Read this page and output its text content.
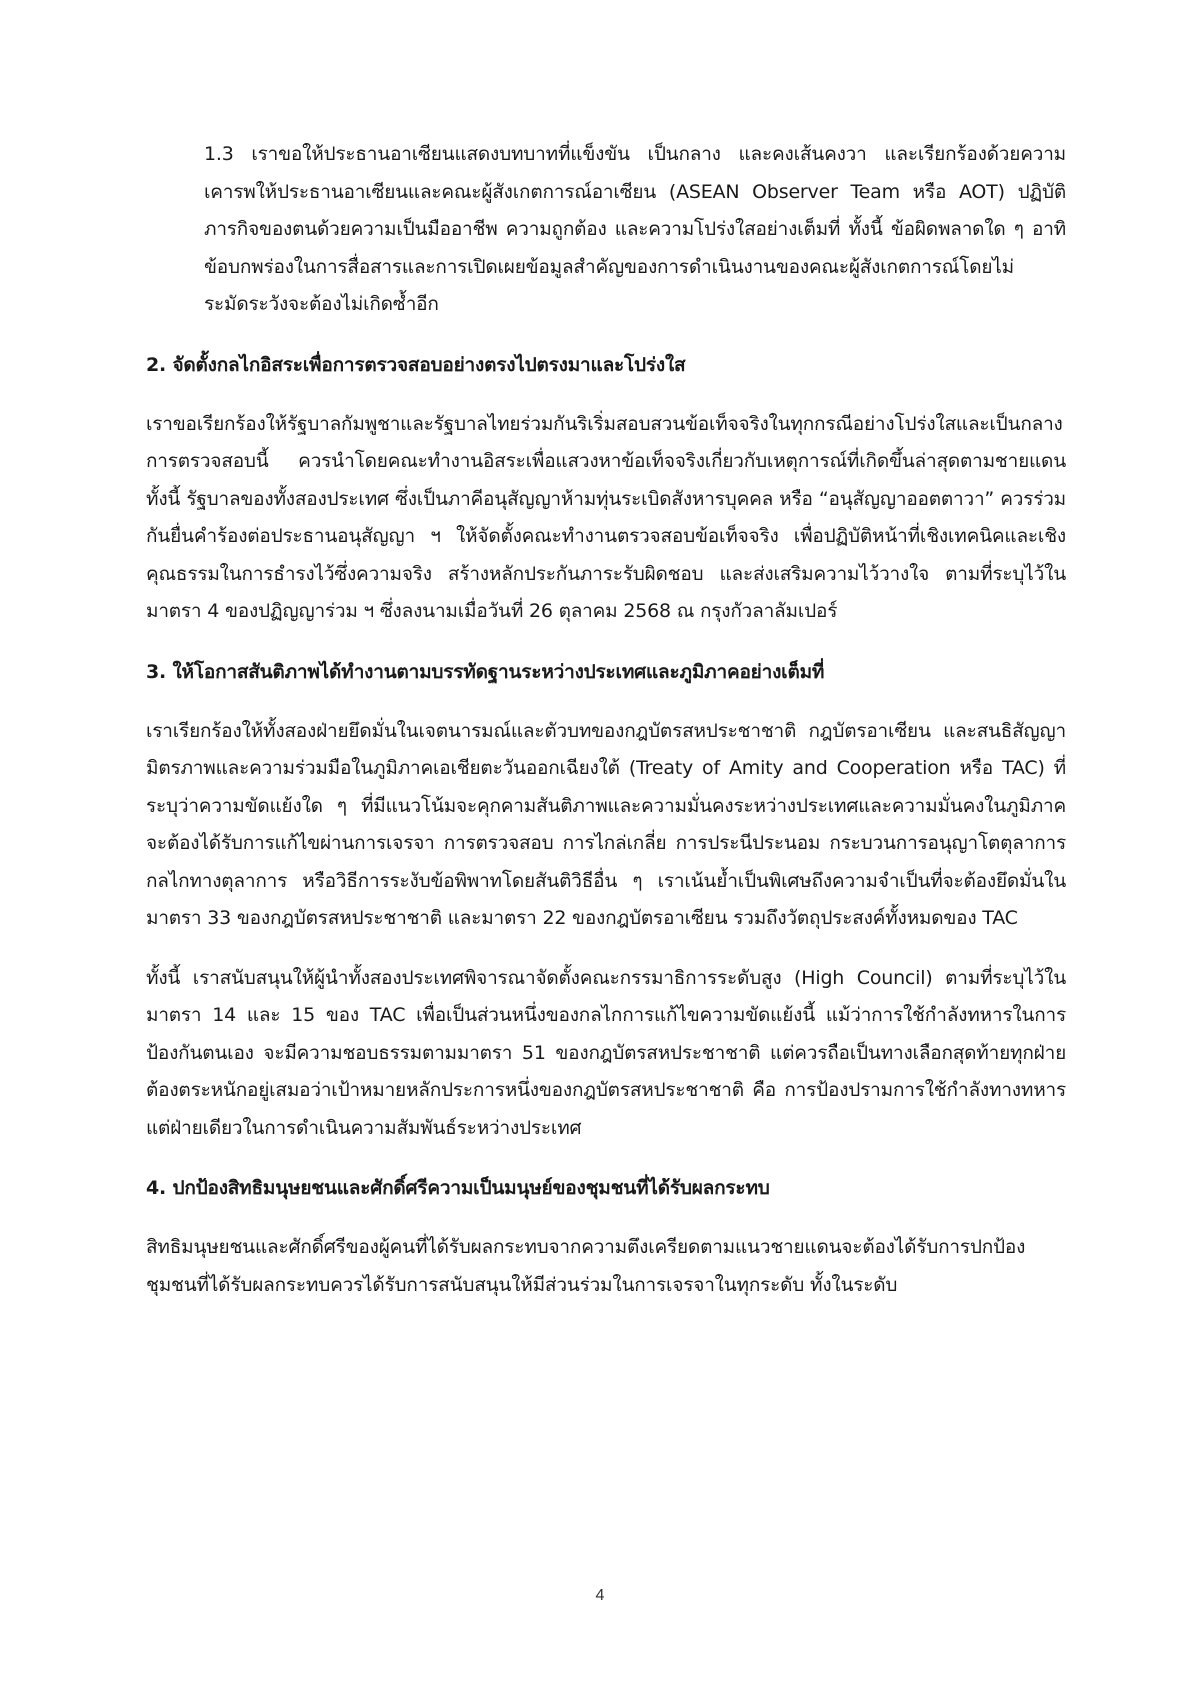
1.3 เราขอให้ประธานอาเซียนแสดงบทบาทที่แข็งขัน เป็นกลาง และคงเส้นคงวา และเรียกร้องด้วยความเคารพให้ประธานอาเซียนและคณะผู้สังเกตการณ์อาเซียน (ASEAN Observer Team หรือ AOT) ปฏิบัติภารกิจของตนด้วยความเป็นมืออาชีพ ความถูกต้อง และความโปร่งใสอย่างเต็มที่ ทั้งนี้ ข้อผิดพลาดใด ๆ อาทิ ข้อบกพร่องในการสื่อสารและการเปิดเผยข้อมูลสำคัญของการดำเนินงานของคณะผู้สังเกตการณ์โดยไม่ระมัดระวังจะต้องไม่เกิดซ้ำอีก

2. จัดตั้งกลไกอิสระเพื่อการตรวจสอบอย่างตรงไปตรงมาและโปร่งใส

เราขอเรียกร้องให้รัฐบาลกัมพูชาและรัฐบาลไทยร่วมกันริเริ่มสอบสวนข้อเท็จจริงในทุกกรณีอย่างโปร่งใสและเป็นกลาง การตรวจสอบนี้ ควรนำโดยคณะทำงานอิสระเพื่อแสวงหาข้อเท็จจริงเกี่ยวกับเหตุการณ์ที่เกิดขึ้นล่าสุดตามชายแดน ทั้งนี้ รัฐบาลของทั้งสองประเทศ ซึ่งเป็นภาคีอนุสัญญาห้ามทุ่นระเบิดสังหารบุคคล หรือ “อนุสัญญาออตตาวา” ควรร่วมกันยื่นคำร้องต่อประธานอนุสัญญา ฯ ให้จัดตั้งคณะทำงานตรวจสอบข้อเท็จจริง เพื่อปฏิบัติหน้าที่เชิงเทคนิคและเชิงคุณธรรมในการธำรงไว้ซึ่งความจริง สร้างหลักประกันภาระรับผิดชอบ และส่งเสริมความไว้วางใจ ตามที่ระบุไว้ในมาตรา 4 ของปฏิญญาร่วม ฯ ซึ่งลงนามเมื่อวันที่ 26 ตุลาคม 2568 ณ กรุงกัวลาลัมเปอร์

3. ให้โอกาสสันติภาพได้ทำงานตามบรรทัดฐานระหว่างประเทศและภูมิภาคอย่างเต็มที่

เราเรียกร้องให้ทั้งสองฝ่ายยึดมั่นในเจตนารมณ์และตัวบทของกฎบัตรสหประชาชาติ กฎบัตรอาเซียน และสนธิสัญญามิตรภาพและความร่วมมือในภูมิภาคเอเชียตะวันออกเฉียงใต้ (Treaty of Amity and Cooperation หรือ TAC) ที่ระบุว่าความขัดแย้งใด ๆ ที่มีแนวโน้มจะคุกคามสันติภาพและความมั่นคงระหว่างประเทศและความมั่นคงในภูมิภาค จะต้องได้รับการแก้ไขผ่านการเจรจา การตรวจสอบ การไกล่เกลี่ย การประนีประนอม กระบวนการอนุญาโตตุลาการ กลไกทางตุลาการ หรือวิธีการระงับข้อพิพาทโดยสันติวิธีอื่น ๆ เราเน้นย้ำเป็นพิเศษถึงความจำเป็นที่จะต้องยึดมั่นในมาตรา 33 ของกฎบัตรสหประชาชาติ และมาตรา 22 ของกฎบัตรอาเซียน รวมถึงวัตถุประสงค์ทั้งหมดของ TAC

ทั้งนี้ เราสนับสนุนให้ผู้นำทั้งสองประเทศพิจารณาจัดตั้งคณะกรรมาธิการระดับสูง (High Council) ตามที่ระบุไว้ใน มาตรา 14 และ 15 ของ TAC เพื่อเป็นส่วนหนึ่งของกลไกการแก้ไขความขัดแย้งนี้ แม้ว่าการใช้กำลังทหารในการป้องกันตนเอง จะมีความชอบธรรมตามมาตรา 51 ของกฎบัตรสหประชาชาติ แต่ควรถือเป็นทางเลือกสุดท้ายทุกฝ่ายต้องตระหนักอยู่เสมอว่าเป้าหมายหลักประการหนึ่งของกฎบัตรสหประชาชาติ คือ การป้องปรามการใช้กำลังทางทหารแต่ฝ่ายเดียวในการดำเนินความสัมพันธ์ระหว่างประเทศ

4. ปกป้องสิทธิมนุษยชนและศักดิ์ศรีความเป็นมนุษย์ของชุมชนที่ได้รับผลกระทบ

สิทธิมนุษยชนและศักดิ์ศรีของผู้คนที่ได้รับผลกระทบจากความตึงเครียดตามแนวชายแดนจะต้องได้รับการปกป้อง ชุมชนที่ได้รับผลกระทบควรได้รับการสนับสนุนให้มีส่วนร่วมในการเจรจาในทุกระดับ ทั้งในระดับ

4
